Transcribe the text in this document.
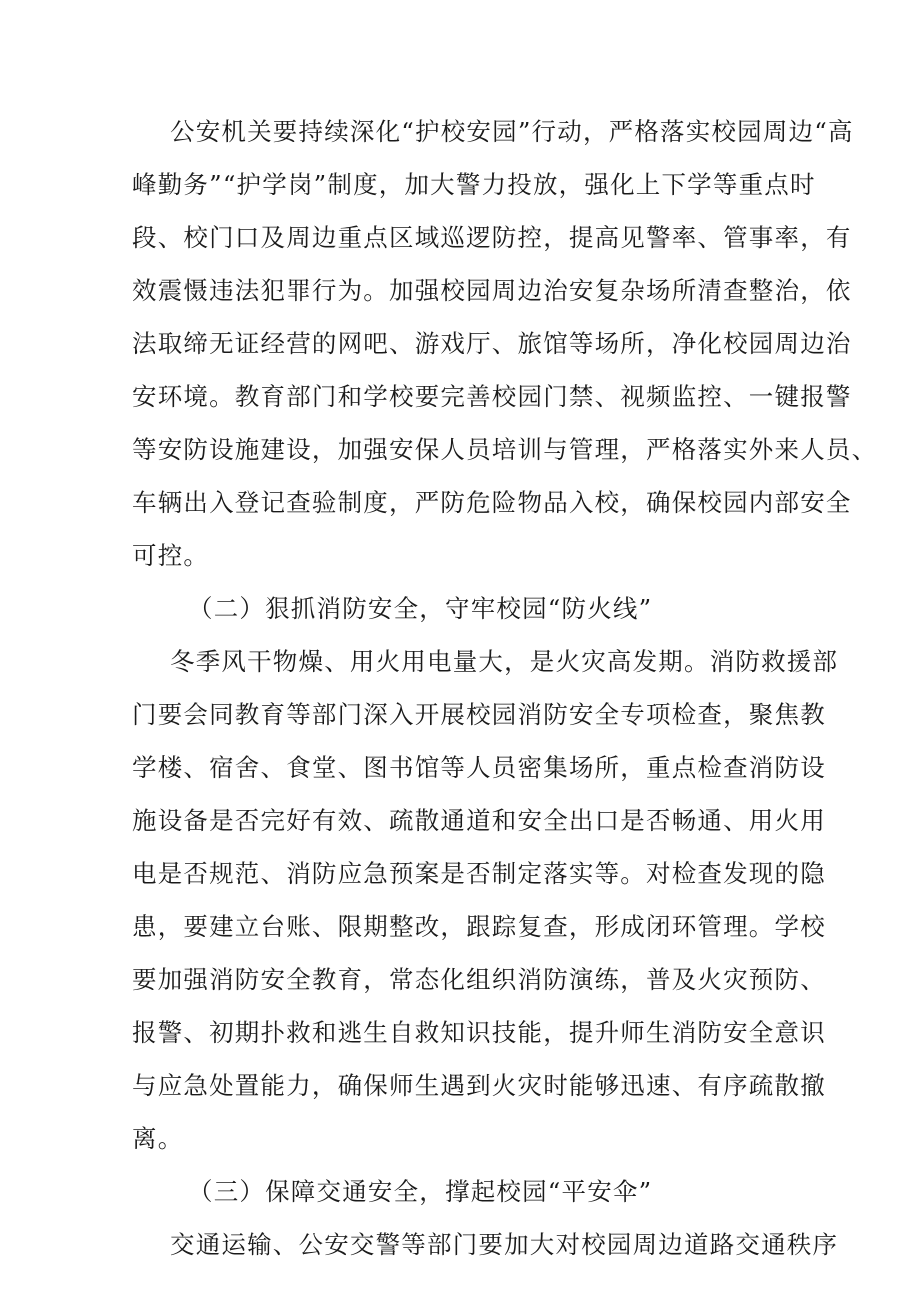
公安机关要持续深化“护校安园”行动，严格落实校园周边“高
峰勤务”“护学岗”制度，加大警力投放，强化上下学等重点时
段、校门口及周边重点区域巡逻防控，提高见警率、管事率，有
效震慑违法犯罪行为。加强校园周边治安复杂场所清查整治，依
法取缔无证经营的网吧、游戏厅、旅馆等场所，净化校园周边治
安环境。教育部门和学校要完善校园门禁、视频监控、一键报警
等安防设施建设，加强安保人员培训与管理，严格落实外来人员、
车辆出入登记查验制度，严防危险物品入校，确保校园内部安全
可控。
（二）狠抓消防安全，守牢校园“防火线”
冬季风干物燥、用火用电量大，是火灾高发期。消防救援部
门要会同教育等部门深入开展校园消防安全专项检查，聚焦教
学楼、宿舍、食堂、图书馆等人员密集场所，重点检查消防设
施设备是否完好有效、疏散通道和安全出口是否畅通、用火用
电是否规范、消防应急预案是否制定落实等。对检查发现的隐
患，要建立台账、限期整改，跟踪复查，形成闭环管理。学校
要加强消防安全教育，常态化组织消防演练，普及火灾预防、
报警、初期扑救和逃生自救知识技能，提升师生消防安全意识
与应急处置能力，确保师生遇到火灾时能够迅速、有序疏散撤
离。
（三）保障交通安全，撑起校园“平安伞”
交通运输、公安交警等部门要加大对校园周边道路交通秩序
